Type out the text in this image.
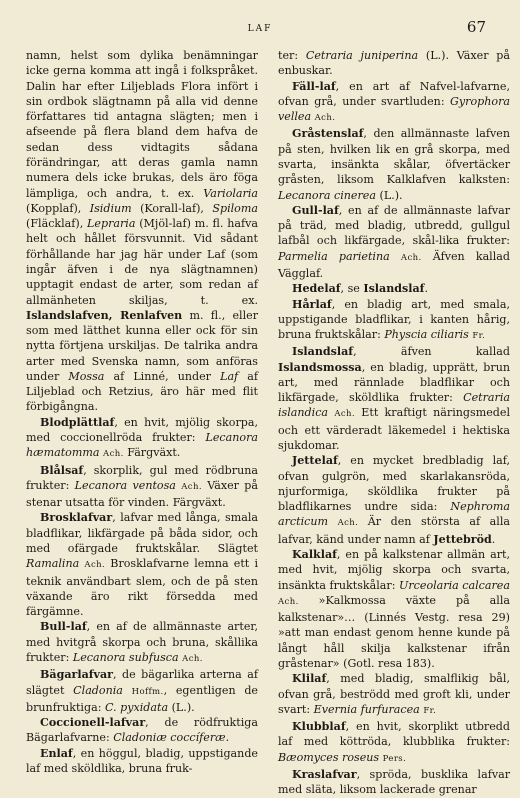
LAF	67

namn, helst som dylika benämningar icke gerna komma att ingå i folkspråket. Dalin har efter Liljeblads Flora infört i sin ordbok slägtnamn på alla vid denne författares tid antagna slägten; men i afseende på flera bland dem hafva de sedan dess vidtagits sådana förändringar, att deras gamla namn numera dels icke brukas, dels äro föga lämpliga, och andra, t. ex. Variolaria (Kopplaf), Isidium (Korall-laf), Spiloma (Fläcklaf), Lepraria (Mjöl-laf) m. fl. hafva helt och hållet försvunnit. Vid sådant förhållande har jag här under Laf (som ingår äfven i de nya slägtnamnen) upptagit endast de arter, som redan af allmänheten skiljas, t. ex. Islandslafven, Renlafven m. fl., eller som med lätthet kunna eller ock för sin nytta förtjena urskiljas. De talrika andra arter med Svenska namn, som anföras under Mossa af Linné, under Laf af Liljeblad och Retzius, äro här med flit förbigångna.

Blodplättlaf, en hvit, mjölig skorpa, med coccionellröda frukter: Lecanora hæmatomma Ach. Färgväxt.

Blålsaf, skorplik, gul med rödbruna frukter: Lecanora ventosa Ach. Växer på stenar utsatta för vinden. Färgväxt.

Brosklafvar, lafvar med långa, smala bladflikar, likfärgade på båda sidor, och med ofärgade fruktskålar. Slägtet Ramalina Ach. Brosklafvarne lemna ett i teknik användbart slem, och de på sten växande äro rikt försedda med färgämne.

Bull-laf, en af de allmännaste arter, med hvitgrå skorpa och bruna, skållika frukter: Lecanora subfusca Ach.

Bägarlafvar, de bägarlika arterna af slägtet Cladonia Hoffm., egentligen de brunfruktiga: C. pyxidata (L.).

Coccionell-lafvar, de rödfruktiga Bägarlafvarne: Cladoniæ coccíferæ.

Enlaf, en höggul, bladig, uppstigande laf med sköldlika, bruna fruk-

ter: Cetraria juniperina (L.). Växer på enbuskar.

Fäll-laf, en art af Nafvel-lafvarne, ofvan grå, under svartluden: Gyrophora vellea Ach.

Gråstenslaf, den allmännaste lafven på sten, hvilken lik en grå skorpa, med svarta, insänkta skålar, öfvertäcker gråsten, liksom Kalklafven kalksten: Lecanora cinerea (L.).

Gull-laf, en af de allmännaste lafvar på träd, med bladig, utbredd, gullgul lafbål och likfärgade, skål-lika frukter: Parmelia parietina Ach. Äfven kallad Vägglaf.

Hedelaf, se Islandslaf.

Hårlaf, en bladig art, med smala, uppstigande bladflikar, i kanten hårig, bruna fruktskålar: Physcia ciliaris Fr.

Islandslaf, äfven kallad Islandsmossa, en bladig, upprätt, brun art, med rännlade bladflikar och likfärgade, sköldlika frukter: Cetraria islandica Ach. Ett kraftigt näringsmedel och ett värderadt läkemedel i hektiska sjukdomar.

Jettelaf, en mycket bredbladig laf, ofvan gulgrön, med skarlakansröda, njurformiga, sköldlika frukter på bladflikarnes undre sida: Nephroma arcticum Ach. Är den största af alla lafvar, känd under namn af Jettebröd.

Kalklaf, en på kalkstenar allmän art, med hvit, mjölig skorpa och svarta, insänkta fruktskålar: Urceolaria calcarea Ach. »Kalkmossa växte på alla kalkstenar»… (Linnés Vestg. resa 29) »att man endast genom henne kunde på långt håll skilja kalkstenar ifrån gråstenar» (Gotl. resa 183).

Klilaf, med bladig, smalflikig bål, ofvan grå, beströdd med groft kli, under svart: Evernia furfuracea Fr.

Klubblaf, en hvit, skorplikt utbredd laf med köttröda, klubblika frukter: Bæomyces roseus Pers.

Kraslafvar, spröda, busklika lafvar med släta, liksom lackerade grenar
